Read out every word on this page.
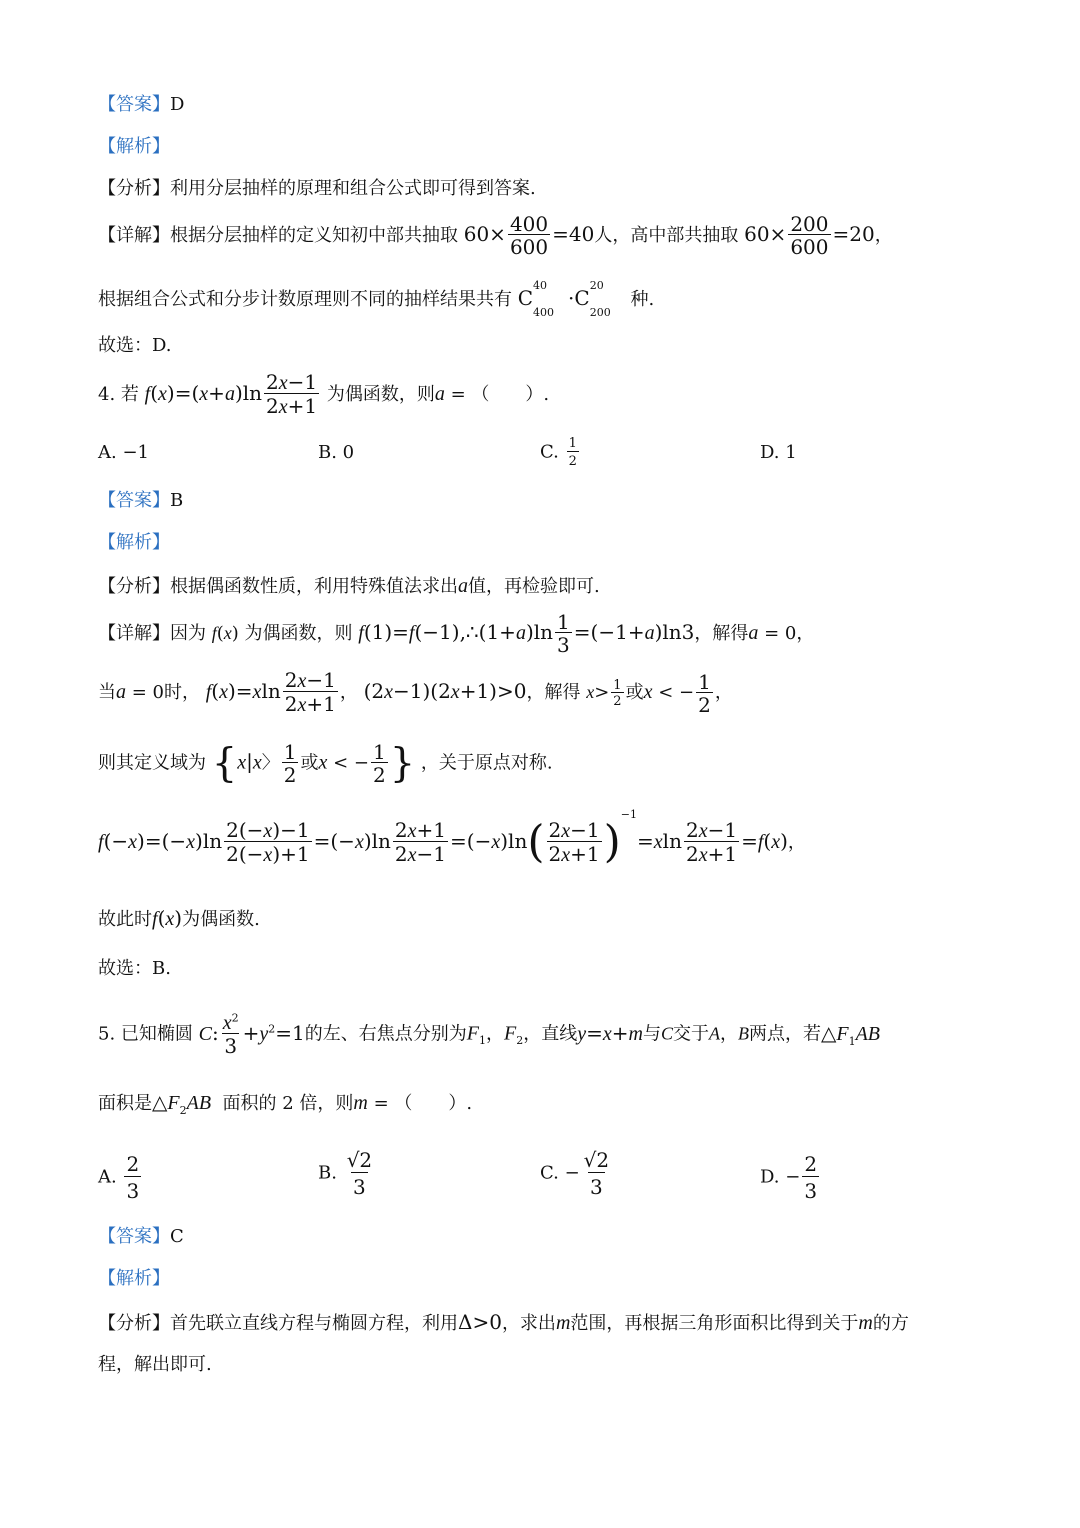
【答案】D
【解析】
【分析】利用分层抽样的原理和组合公式即可得到答案.
【详解】根据分层抽样的定义知初中部共抽取 $60\times \frac{400}{600} =40$人，高中部共抽取 $60\times \frac{200}{600} =20$，
根据组合公式和分步计数原理则不同的抽样结果共有 $C^{40}_{400}\cdot C^{20}_{200}$ 种.
故选：D.
4. 若 $f(x)=(x+a)\ln \frac{2x-1}{2x+1}$ 为偶函数，则a = （　　）.
A. −1	B. 0	C. $\frac{1}{2}$	D. 1
【答案】B
【解析】
【分析】根据偶函数性质，利用特殊值法求出a值，再检验即可.
【详解】因为 f(x) 为偶函数，则 f(1)=f(−1),∴(1+a)ln $\frac{1}{3} =(-1+a)\ln 3$，解得a = 0，
当a = 0时， $f(x)=xln \frac{2x-1}{2x+1}$ ， (2x−1)(2x+1)>0，解得 $x> \frac{1}{2}$ 或x < − $\frac{1}{2}$ ，
则其定义域为 {x|x〉 $\frac{1}{2}$ 或x < − $\frac{1}{2}$ } ，关于原点对称.
$f(-x)=(-x)\ln \frac{2(-x)-1}{2(-x)+1} =(-x)\ln \frac{2x+1}{2x-1} =(-x)\ln( \frac{2x-1}{2x+1} )^{-1}=xln \frac{2x-1}{2x+1} =f(x)$，
故此时f(x)为偶函数.
故选：B.
5. 已知椭圆 C: $\frac{x^2}{3} +y^2=1$的左、右焦点分别为$F_1$，$F_2$，直线y=x+m与C交于A，B两点，若$\triangle F_1AB$
面积是$\triangle F_2AB$ 面积的 2 倍，则m = （　　）.
A. $\frac{2}{3}$	B. $\frac{√2}{3}$	C. − $\frac{√2}{3}$	D. − $\frac{2}{3}$
【答案】C
【解析】
【分析】首先联立直线方程与椭圆方程，利用Δ>0，求出m范围，再根据三角形面积比得到关于m的方
程，解出即可.
